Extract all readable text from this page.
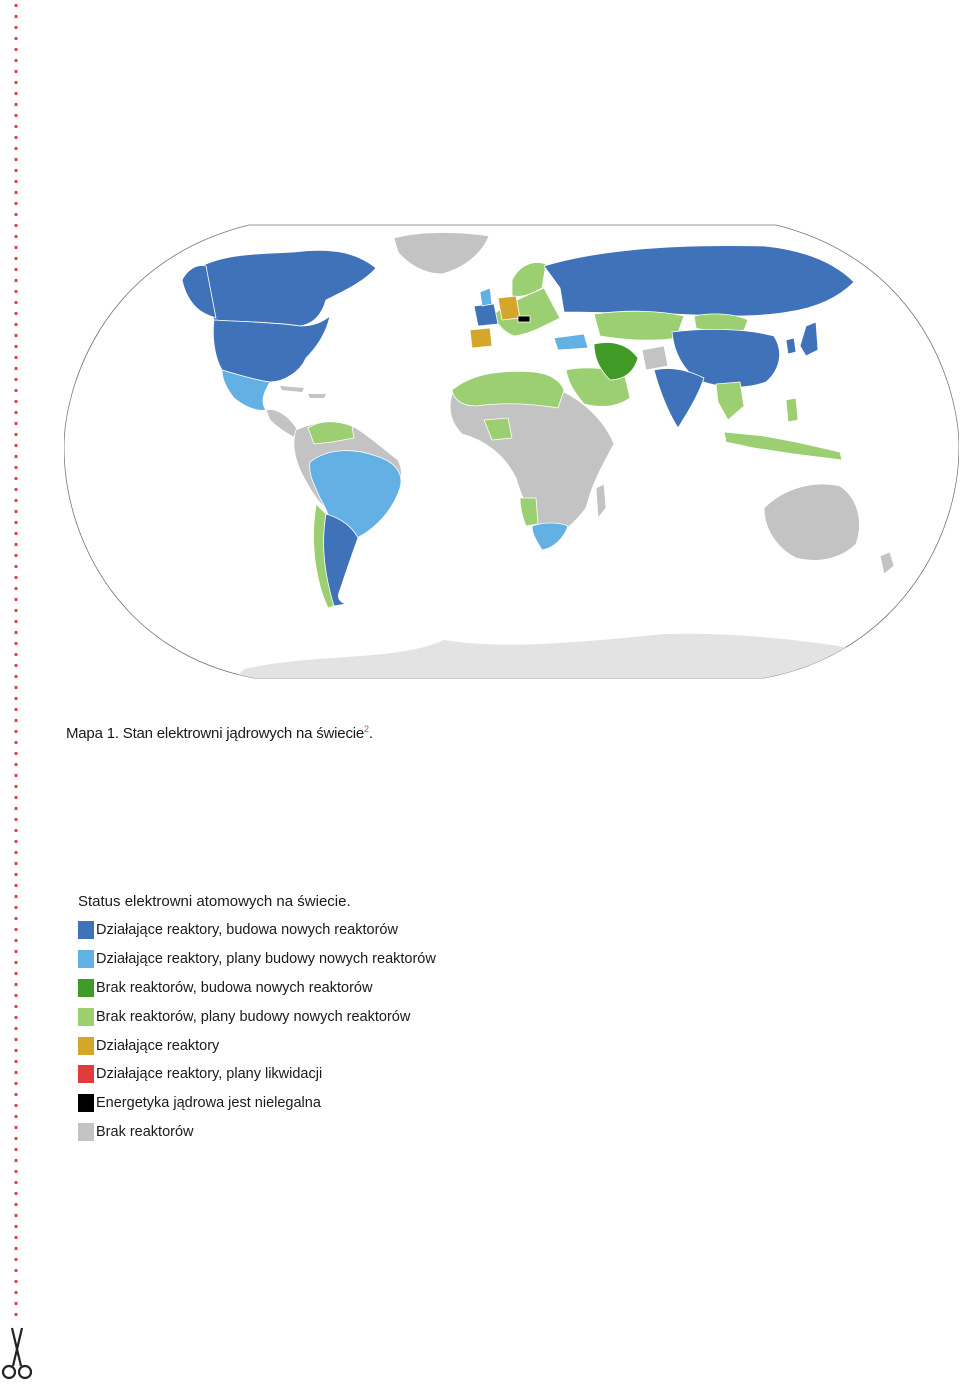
Mapa 1. Stan elektrowni jądrowych na świecie$^2$.
Status elektrowni atomowych na świecie.
Działające reaktory, budowa nowych reaktorów
Działające reaktory, plany budowy nowych reaktorów
Brak reaktorów, budowa nowych reaktorów
Brak reaktorów, plany budowy nowych reaktorów
Działające reaktory
Działające reaktory, plany likwidacji
Energetyka jądrowa jest nielegalna
Brak reaktorów
